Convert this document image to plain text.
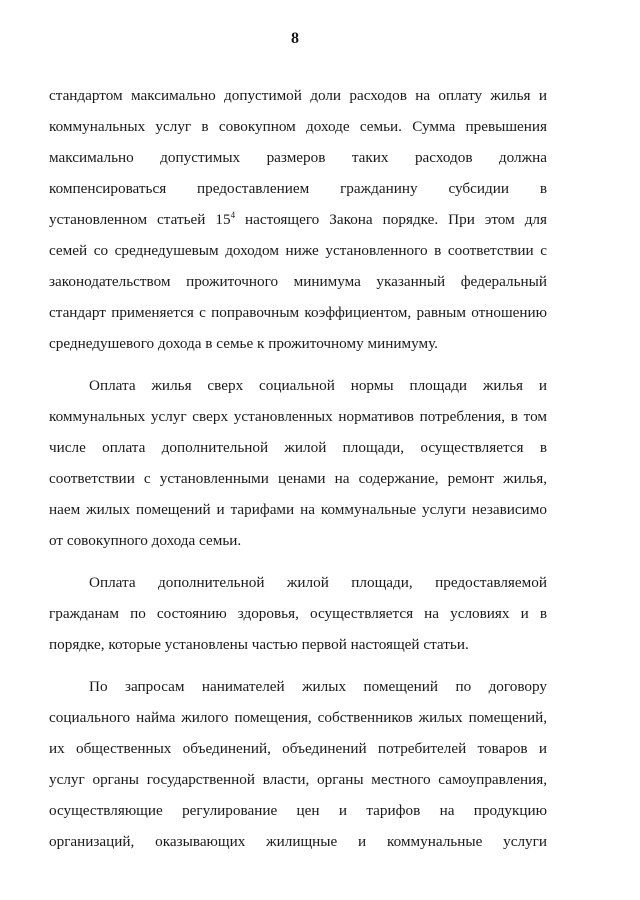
8
стандартом максимально допустимой доли расходов на оплату жилья и
коммунальных услуг в совокупном доходе семьи. Сумма превышения
максимально допустимых размеров таких расходов должна
компенсироваться предоставлением гражданину субсидии в
установленном статьей $15^4$ настоящего Закона порядке. При этом для
семей со среднедушевым доходом ниже установленного в соответствии с
законодательством прожиточного минимума указанный федеральный
стандарт применяется с поправочным коэффициентом, равным отношению
среднедушевого дохода в семье к прожиточному минимуму.
Оплата жилья сверх социальной нормы площади жилья и
коммунальных услуг сверх установленных нормативов потребления, в том
числе оплата дополнительной жилой площади, осуществляется в
соответствии с установленными ценами на содержание, ремонт жилья,
наем жилых помещений и тарифами на коммунальные услуги независимо
от совокупного дохода семьи.
Оплата дополнительной жилой площади, предоставляемой
гражданам по состоянию здоровья, осуществляется на условиях и в
порядке, которые установлены частью первой настоящей статьи.
По запросам нанимателей жилых помещений по договору
социального найма жилого помещения, собственников жилых помещений,
их общественных объединений, объединений потребителей товаров и
услуг органы государственной власти, органы местного самоуправления,
осуществляющие регулирование цен и тарифов на продукцию
организаций, оказывающих жилищные и коммунальные услуги
